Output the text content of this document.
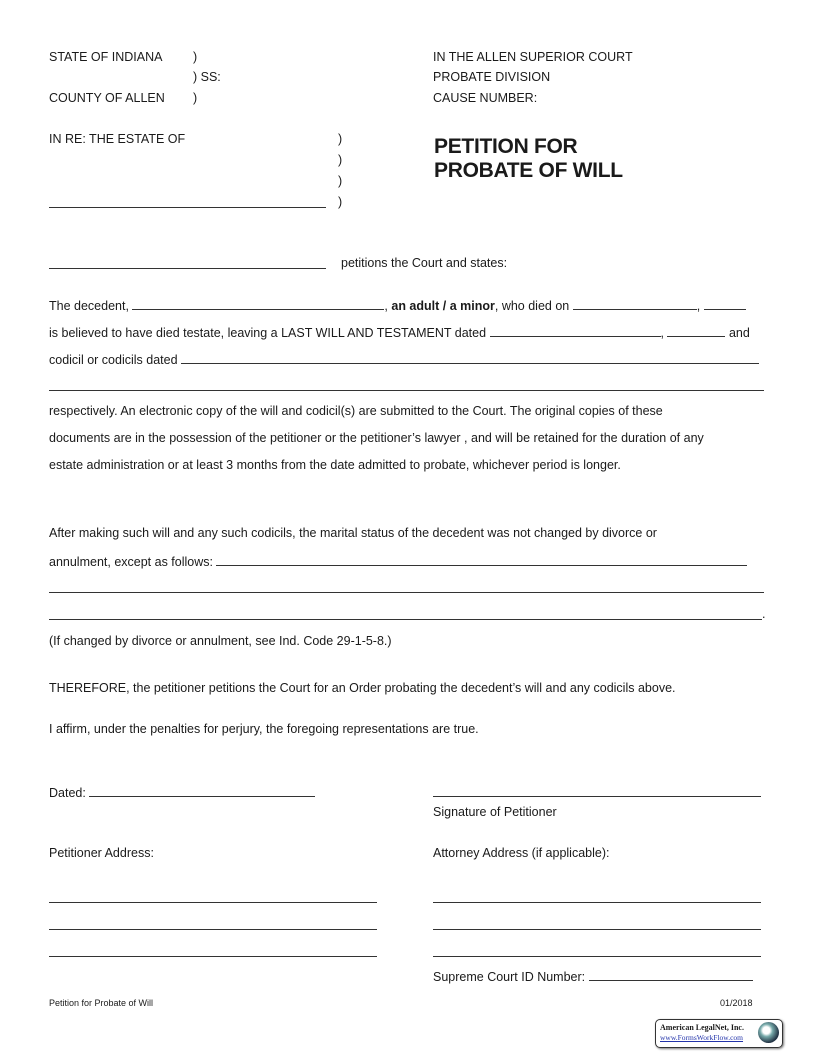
STATE OF INDIANA )
) SS:
COUNTY OF ALLEN )
IN THE ALLEN SUPERIOR COURT
PROBATE DIVISION
CAUSE NUMBER:
IN RE: THE ESTATE OF	)
)
)
)
PETITION FOR
PROBATE OF WILL
petitions the Court and states:
The decedent,	, an adult / a minor, who died on	,
is believed to have died testate, leaving a LAST WILL AND TESTAMENT dated	,	and
codicil or codicils dated
respectively. An electronic copy of the will and codicil(s) are submitted to the Court. The original copies of these
documents are in the possession of the petitioner or the petitioner’s lawyer , and will be retained for the duration of any
estate administration or at least 3 months from the date admitted to probate, whichever period is longer.
After making such will and any such codicils, the marital status of the decedent was not changed by divorce or
annulment, except as follows:
.
(If changed by divorce or annulment, see Ind. Code 29-1-5-8.)
THEREFORE, the petitioner petitions the Court for an Order probating the decedent’s will and any codicils above.
I affirm, under the penalties for perjury, the foregoing representations are true.
Dated:
Signature of Petitioner
Petitioner Address:	Attorney Address (if applicable):
Supreme Court ID Number:
Petition for Probate of Will	01/2018
American LegalNet, Inc.
www.FormsWorkFlow.com
